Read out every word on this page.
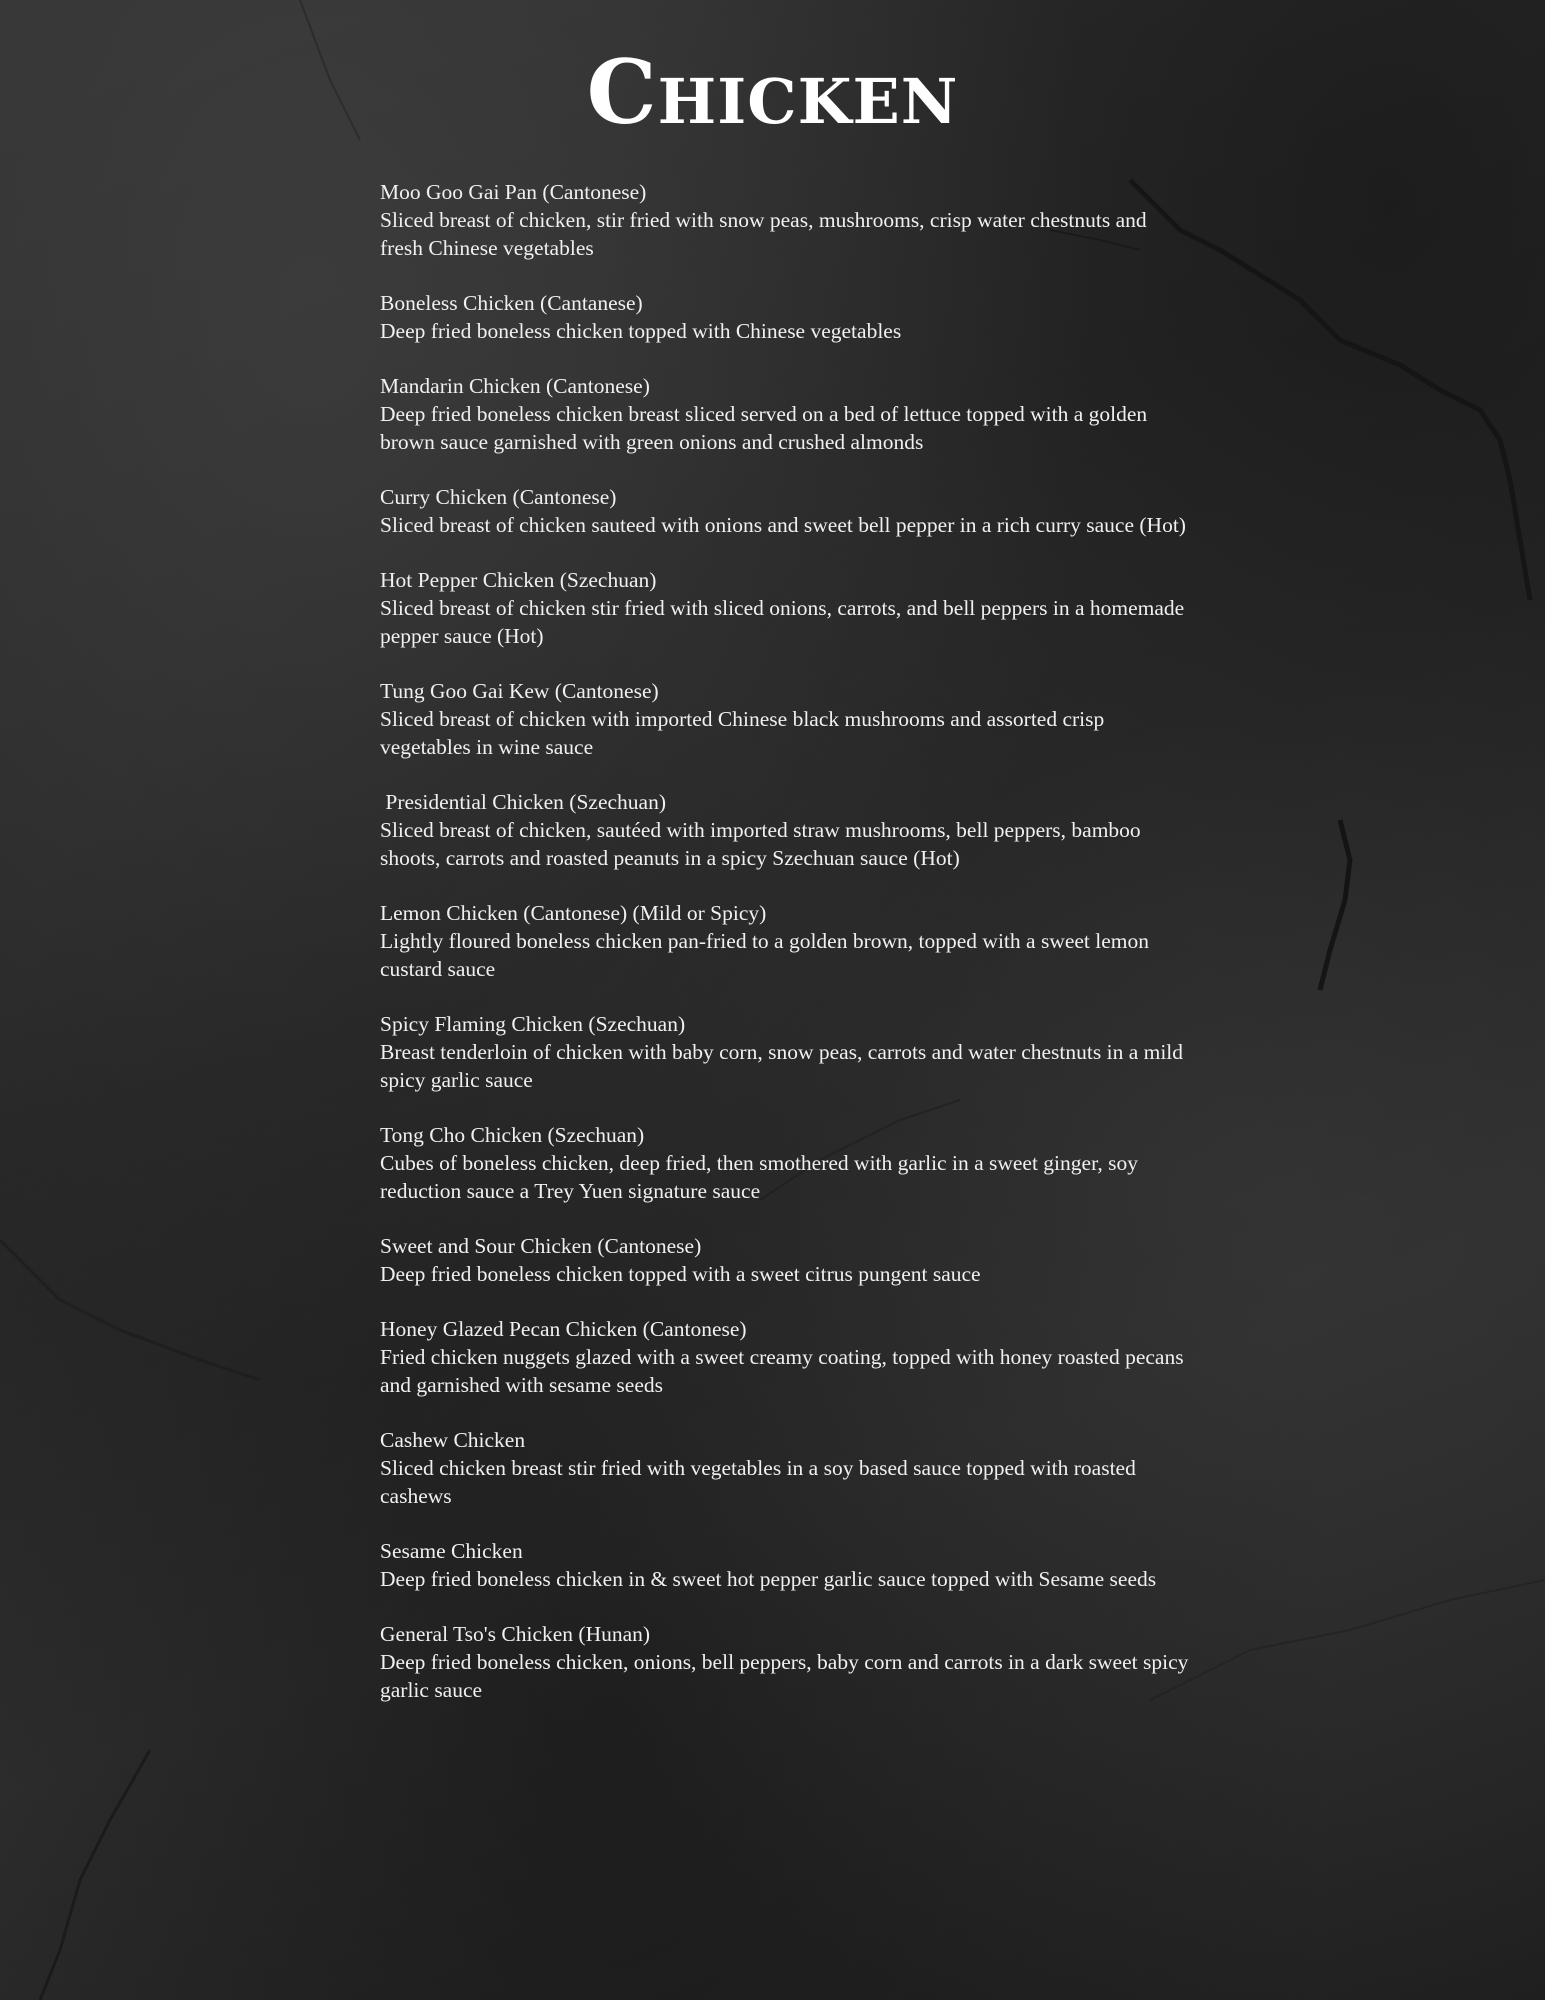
Chicken
Moo Goo Gai Pan (Cantonese)
Sliced breast of chicken, stir fried with snow peas, mushrooms, crisp water chestnuts and fresh Chinese vegetables
Boneless Chicken (Cantanese)
Deep fried boneless chicken topped with Chinese vegetables
Mandarin Chicken (Cantonese)
Deep fried boneless chicken breast sliced served on a bed of lettuce topped with a golden brown sauce garnished with green onions and crushed almonds
Curry Chicken (Cantonese)
Sliced breast of chicken sauteed with onions and sweet bell pepper in a rich curry sauce (Hot)
Hot Pepper Chicken (Szechuan)
Sliced breast of chicken stir fried with sliced onions, carrots, and bell peppers in a homemade pepper sauce (Hot)
Tung Goo Gai Kew (Cantonese)
Sliced breast of chicken with imported Chinese black mushrooms and assorted crisp vegetables in wine sauce
Presidential Chicken (Szechuan)
Sliced breast of chicken, sautéed with imported straw mushrooms, bell peppers, bamboo shoots, carrots and roasted peanuts in a spicy Szechuan sauce (Hot)
Lemon Chicken (Cantonese) (Mild or Spicy)
Lightly floured boneless chicken pan-fried to a golden brown, topped with a sweet lemon custard sauce
Spicy Flaming Chicken (Szechuan)
Breast tenderloin of chicken with baby corn, snow peas, carrots and water chestnuts in a mild spicy garlic sauce
Tong Cho Chicken (Szechuan)
Cubes of boneless chicken, deep fried, then smothered with garlic in a sweet ginger, soy reduction sauce a Trey Yuen signature sauce
Sweet and Sour Chicken (Cantonese)
Deep fried boneless chicken topped with a sweet citrus pungent sauce
Honey Glazed Pecan Chicken (Cantonese)
Fried chicken nuggets glazed with a sweet creamy coating, topped with honey roasted pecans and garnished with sesame seeds
Cashew Chicken
Sliced chicken breast stir fried with vegetables in a soy based sauce topped with roasted cashews
Sesame Chicken
Deep fried boneless chicken in & sweet hot pepper garlic sauce topped with Sesame seeds
General Tso's Chicken (Hunan)
Deep fried boneless chicken, onions, bell peppers, baby corn and carrots in a dark sweet spicy garlic sauce
